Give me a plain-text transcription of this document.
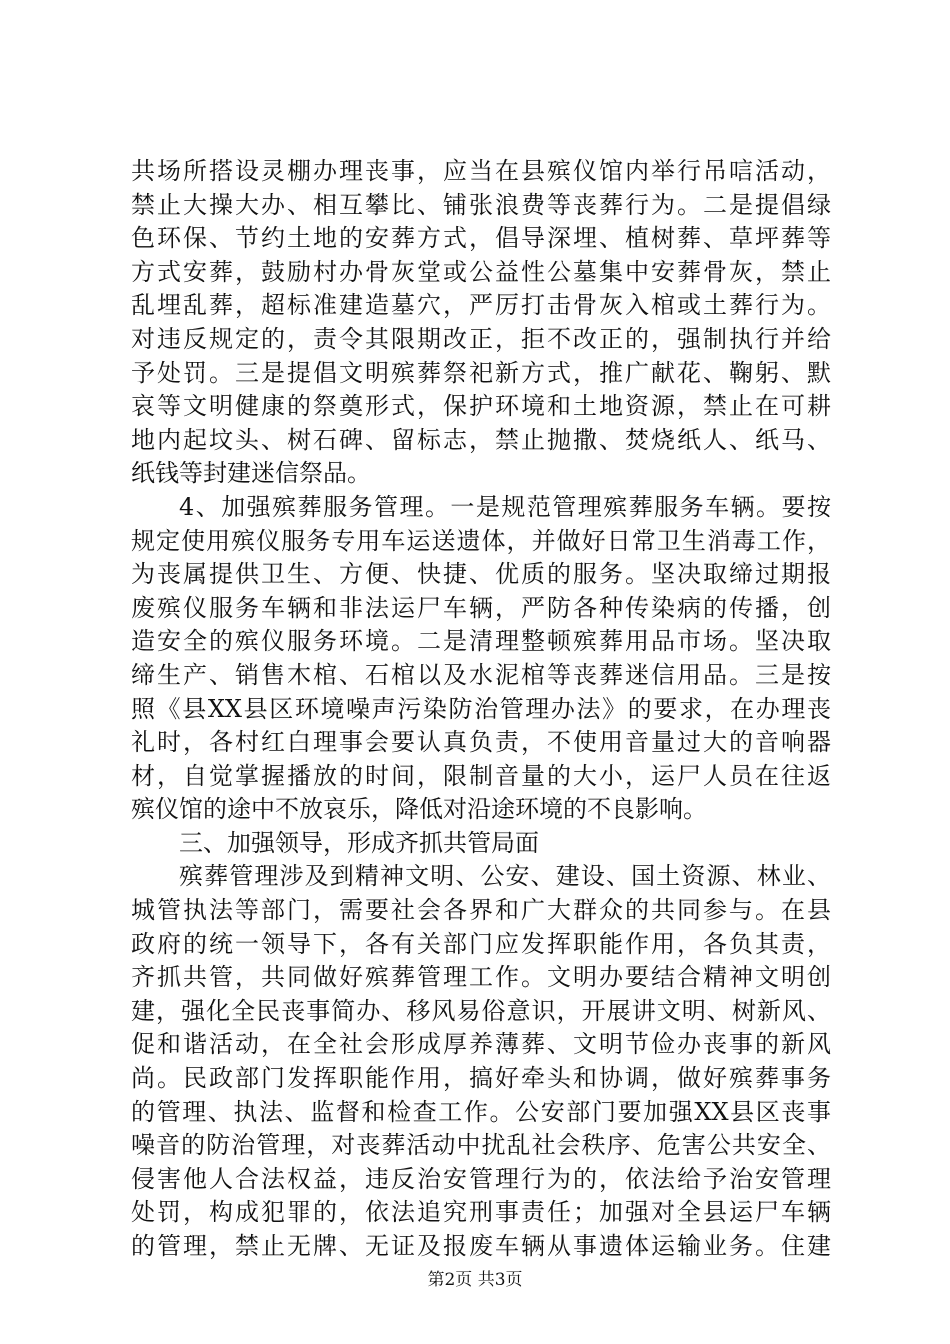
共场所搭设灵棚办理丧事，应当在县殡仪馆内举行吊唁活动，
禁止大操大办、相互攀比、铺张浪费等丧葬行为。二是提倡绿
色环保、节约土地的安葬方式，倡导深埋、植树葬、草坪葬等
方式安葬，鼓励村办骨灰堂或公益性公墓集中安葬骨灰，禁止
乱埋乱葬，超标准建造墓穴，严厉打击骨灰入棺或土葬行为。
对违反规定的，责令其限期改正，拒不改正的，强制执行并给
予处罚。三是提倡文明殡葬祭祀新方式，推广献花、鞠躬、默
哀等文明健康的祭奠形式，保护环境和土地资源，禁止在可耕
地内起坟头、树石碑、留标志，禁止抛撒、焚烧纸人、纸马、
纸钱等封建迷信祭品。
4、加强殡葬服务管理。一是规范管理殡葬服务车辆。要按
规定使用殡仪服务专用车运送遗体，并做好日常卫生消毒工作，
为丧属提供卫生、方便、快捷、优质的服务。坚决取缔过期报
废殡仪服务车辆和非法运尸车辆，严防各种传染病的传播，创
造安全的殡仪服务环境。二是清理整顿殡葬用品市场。坚决取
缔生产、销售木棺、石棺以及水泥棺等丧葬迷信用品。三是按
照《县XX县区环境噪声污染防治管理办法》的要求，在办理丧
礼时，各村红白理事会要认真负责，不使用音量过大的音响器
材，自觉掌握播放的时间，限制音量的大小，运尸人员在往返
殡仪馆的途中不放哀乐，降低对沿途环境的不良影响。
三、加强领导，形成齐抓共管局面
殡葬管理涉及到精神文明、公安、建设、国土资源、林业、
城管执法等部门，需要社会各界和广大群众的共同参与。在县
政府的统一领导下，各有关部门应发挥职能作用，各负其责，
齐抓共管，共同做好殡葬管理工作。文明办要结合精神文明创
建，强化全民丧事简办、移风易俗意识，开展讲文明、树新风、
促和谐活动，在全社会形成厚养薄葬、文明节俭办丧事的新风
尚。民政部门发挥职能作用，搞好牵头和协调，做好殡葬事务
的管理、执法、监督和检查工作。公安部门要加强XX县区丧事
噪音的防治管理，对丧葬活动中扰乱社会秩序、危害公共安全、
侵害他人合法权益，违反治安管理行为的，依法给予治安管理
处罚，构成犯罪的，依法追究刑事责任；加强对全县运尸车辆
的管理，禁止无牌、无证及报废车辆从事遗体运输业务。住建
第2页 共3页
